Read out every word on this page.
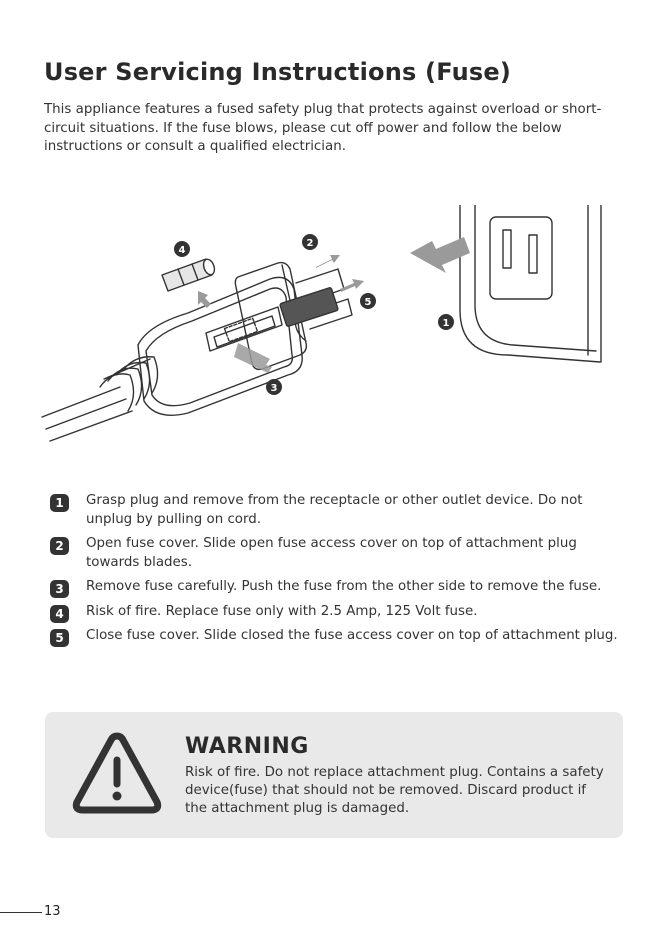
User Servicing Instructions (Fuse)

This appliance features a fused safety plug that protects against overload or short-circuit situations. If the fuse blows, please cut off power and follow the below instructions or consult a qualified electrician.

1
2
3
4
5
1	Grasp plug and remove from the receptacle or other outlet device. Do not unplug by pulling on cord.
2	Open fuse cover. Slide open fuse access cover on top of attachment plug towards blades.
3	Remove fuse carefully. Push the fuse from the other side to remove the fuse.
4	Risk of fire. Replace fuse only with 2.5 Amp, 125 Volt fuse.
5	Close fuse cover. Slide closed the fuse access cover on top of attachment plug.
WARNING

Risk of fire. Do not replace attachment plug. Contains a safety device(fuse) that should not be removed. Discard product if the attachment plug is damaged.

13
